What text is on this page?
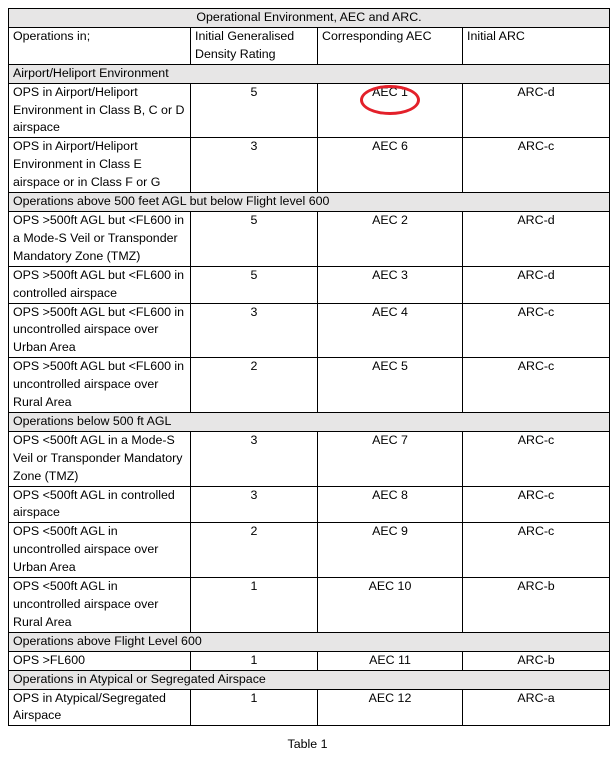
Operational Environment, AEC and ARC.			
Operations in;	Initial Generalised Density Rating	Corresponding AEC	Initial ARC
Airport/Heliport Environment			
OPS in Airport/Heliport Environment in Class B, C or D airspace	5	AEC 1	ARC-d
OPS in Airport/Heliport Environment in Class E airspace or in Class F or G	3	AEC 6	ARC-c
Operations above 500 feet AGL but below Flight level 600			
OPS >500ft AGL but <FL600 in a Mode-S Veil or Transponder Mandatory Zone (TMZ)	5	AEC 2	ARC-d
OPS >500ft AGL but <FL600 in controlled airspace	5	AEC 3	ARC-d
OPS >500ft AGL but <FL600 in uncontrolled airspace over Urban Area	3	AEC 4	ARC-c
OPS >500ft AGL but <FL600 in uncontrolled airspace over Rural Area	2	AEC 5	ARC-c
Operations below 500 ft AGL			
OPS <500ft AGL in a Mode-S Veil or Transponder Mandatory Zone (TMZ)	3	AEC 7	ARC-c
OPS <500ft AGL in controlled airspace	3	AEC 8	ARC-c
OPS <500ft AGL in uncontrolled airspace over Urban Area	2	AEC 9	ARC-c
OPS <500ft AGL in uncontrolled airspace over Rural Area	1	AEC 10	ARC-b
Operations above Flight Level 600			
OPS >FL600	1	AEC 11	ARC-b
Operations in Atypical or Segregated Airspace			
OPS in Atypical/Segregated Airspace	1	AEC 12	ARC-a
Table 1
